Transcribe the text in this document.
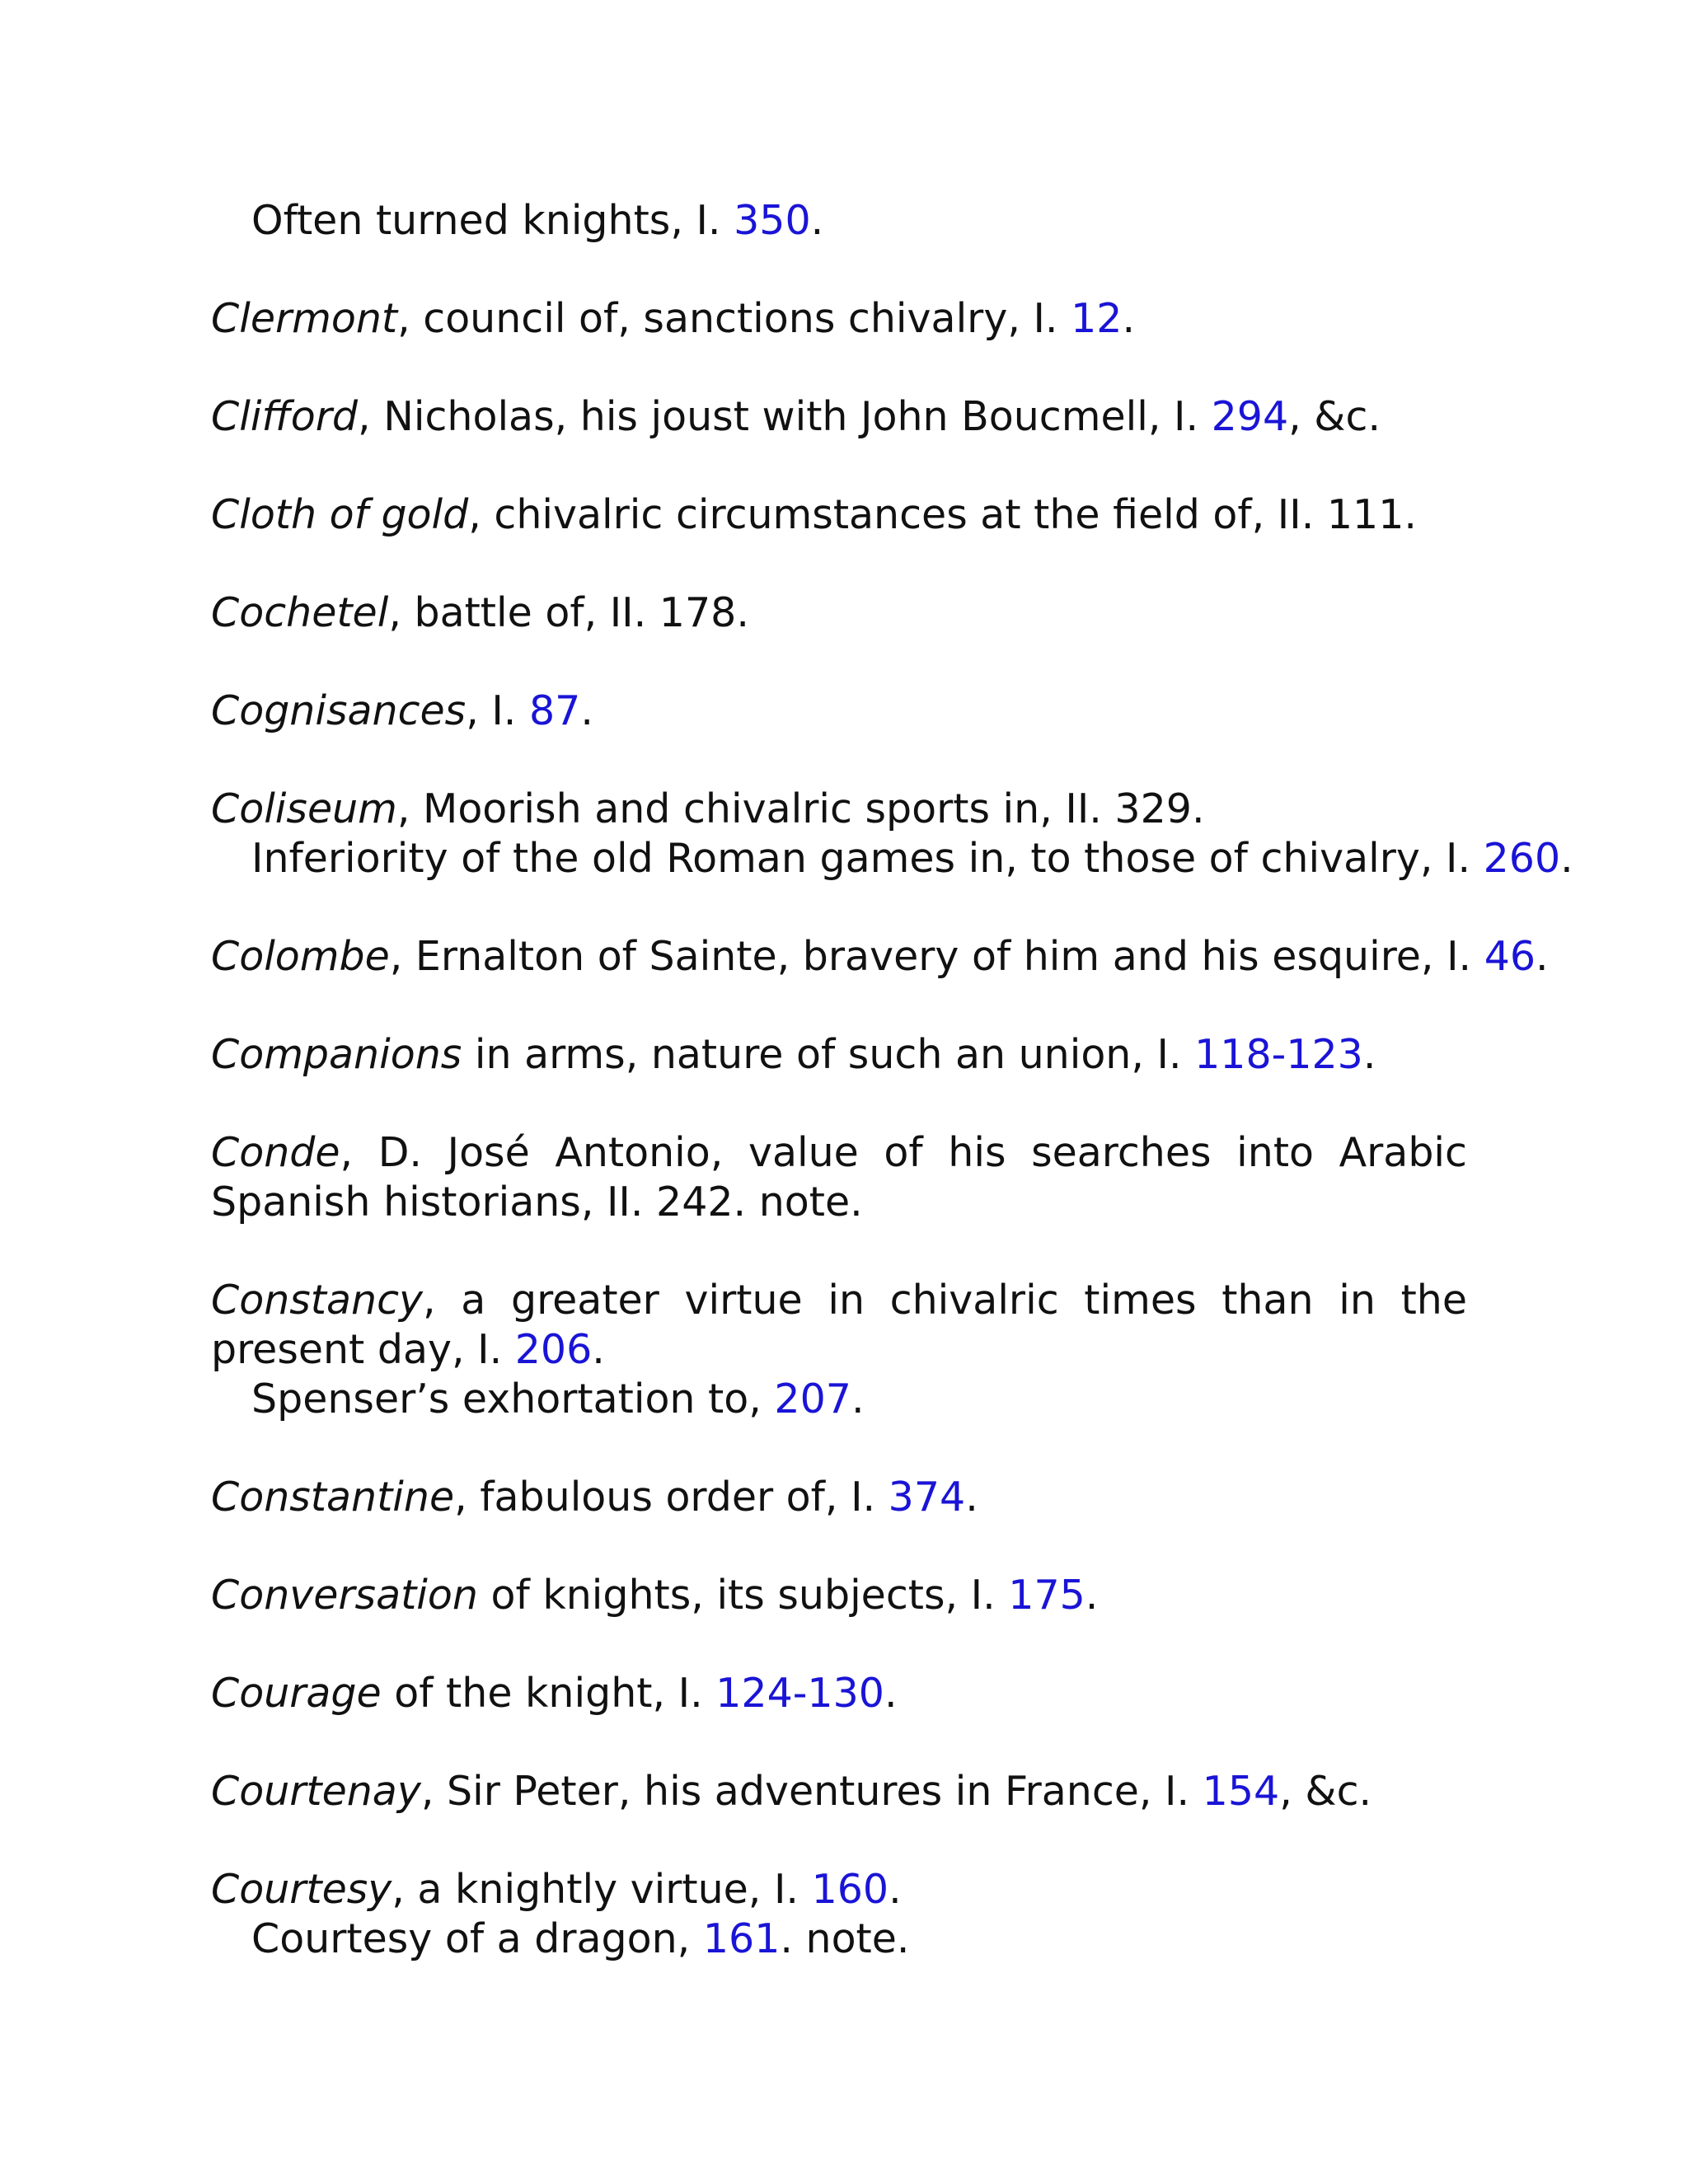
Often turned knights, I. 350.
Clermont, council of, sanctions chivalry, I. 12.
Clifford, Nicholas, his joust with John Boucmell, I. 294, &c.
Cloth of gold, chivalric circumstances at the field of, II. 111.
Cochetel, battle of, II. 178.
Cognisances, I. 87.
Coliseum, Moorish and chivalric sports in, II. 329.
Inferiority of the old Roman games in, to those of chivalry, I. 260.
Colombe, Ernalton of Sainte, bravery of him and his esquire, I. 46.
Companions in arms, nature of such an union, I. 118-123.
Conde, D. José Antonio, value of his searches into Arabic Spanish historians, II. 242. note.
Constancy, a greater virtue in chivalric times than in the present day, I. 206.
Spenser’s exhortation to, 207.
Constantine, fabulous order of, I. 374.
Conversation of knights, its subjects, I. 175.
Courage of the knight, I. 124-130.
Courtenay, Sir Peter, his adventures in France, I. 154, &c.
Courtesy, a knightly virtue, I. 160.
Courtesy of a dragon, 161. note.
